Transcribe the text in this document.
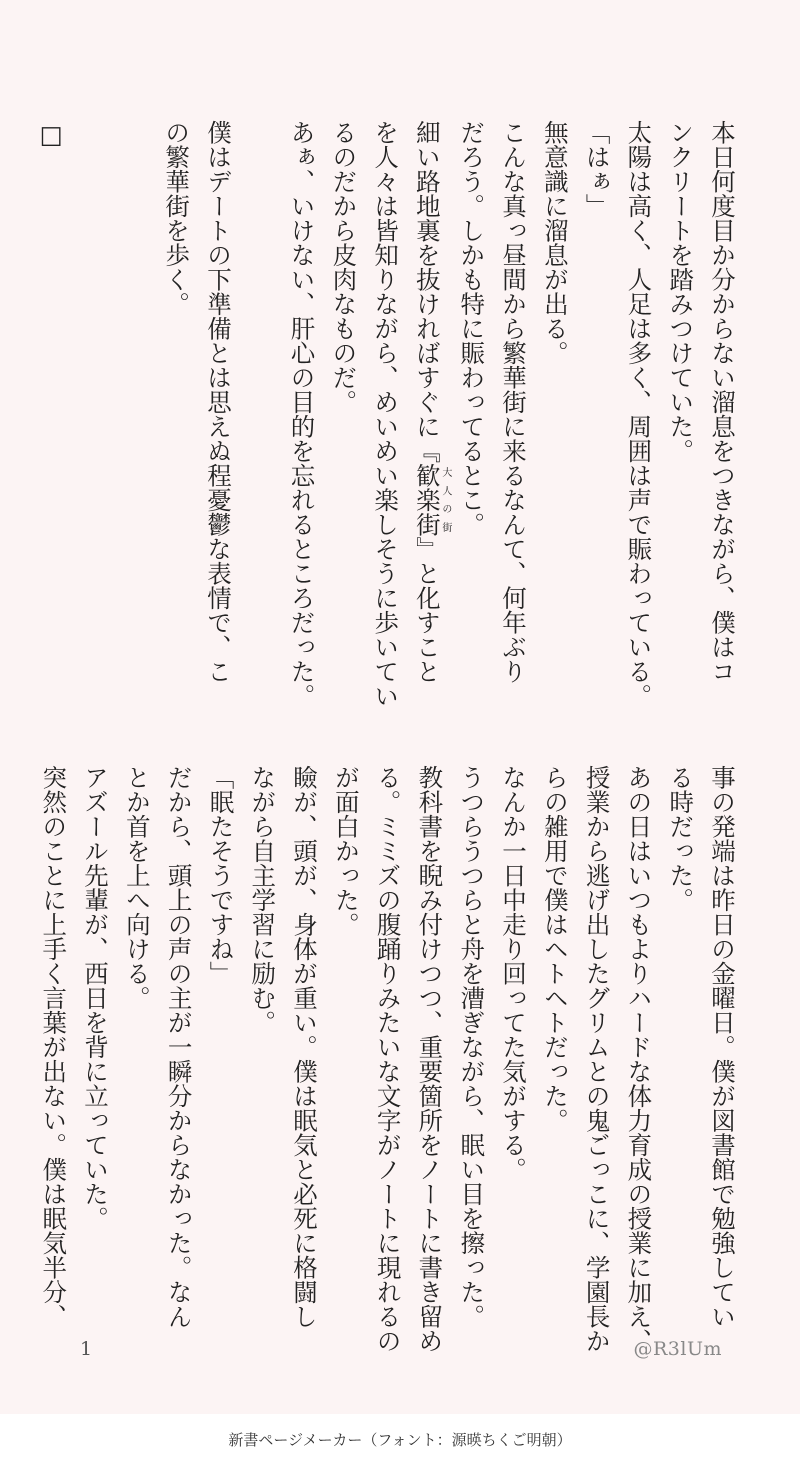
本日何度目か分からない溜息をつきながら、僕はコ
ンクリートを踏みつけていた。
太陽は高く、人足は多く、周囲は声で賑わっている。
「はぁ」
無意識に溜息が出る。
こんな真っ昼間から繁華街に来るなんて、何年ぶり
だろう。しかも特に賑わってるとこ。
細い路地裏を抜ければすぐに『歓楽街大人の街』と化すこと
を人々は皆知りながら、めいめい楽しそうに歩いてい
るのだから皮肉なものだ。
あぁ、いけない、肝心の目的を忘れるところだった。

僕はデートの下準備とは思えぬ程憂鬱な表情で、こ
の繁華街を歩く。

□
事の発端は昨日の金曜日。僕が図書館で勉強してい
る時だった。
あの日はいつもよりハードな体力育成の授業に加え、
授業から逃げ出したグリムとの鬼ごっこに、学園長か
らの雑用で僕はヘトヘトだった。
なんか一日中走り回ってた気がする。
うつらうつらと舟を漕ぎながら、眠い目を擦った。
教科書を睨み付けつつ、重要箇所をノートに書き留め
る。ミミズの腹踊りみたいな文字がノートに現れるの
が面白かった。
瞼が、頭が、身体が重い。僕は眠気と必死に格闘し
ながら自主学習に励む。
「眠たそうですね」
だから、頭上の声の主が一瞬分からなかった。なん
とか首を上へ向ける。
アズール先輩が、西日を背に立っていた。
突然のことに上手く言葉が出ない。僕は眠気半分、
1	@R3lUm
新書ページメーカー（フォント：源暎ちくご明朝）
